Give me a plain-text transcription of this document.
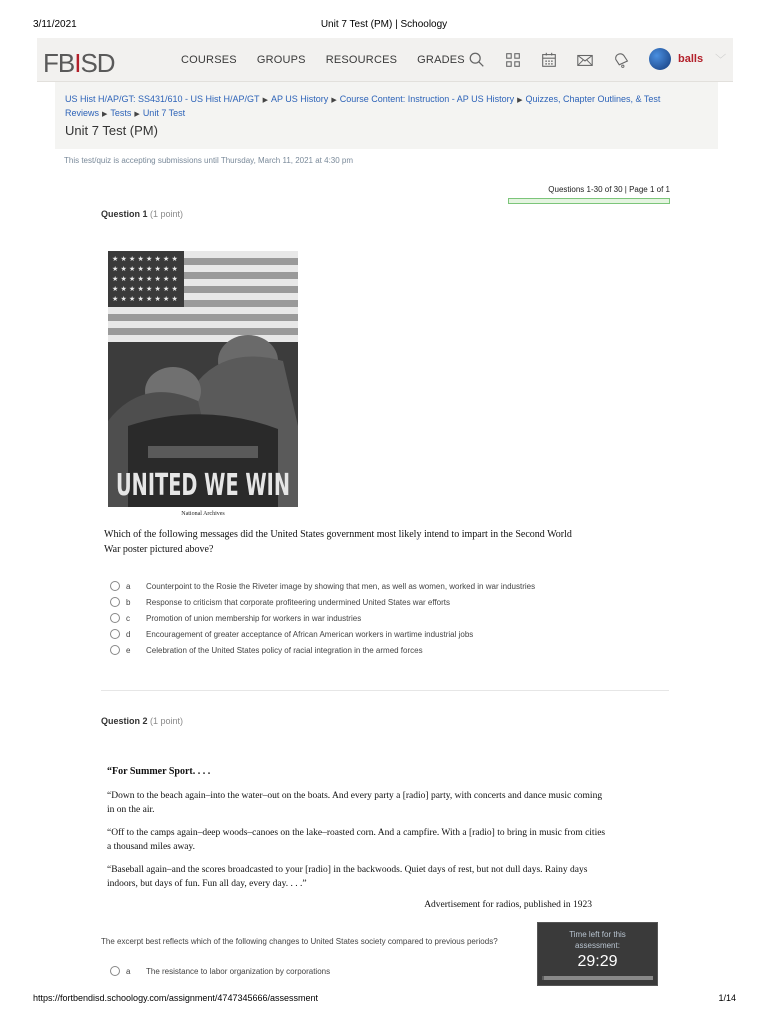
3/11/2021	Unit 7 Test (PM) | Schoology
FBISD	COURSES	GROUPS	RESOURCES	GRADES	balls ﹀
US Hist H/AP/GT: SS431/610 - US Hist H/AP/GT ▶ AP US History ▶ Course Content: Instruction - AP US History ▶ Quizzes, Chapter Outlines, & Test Reviews ▶ Tests ▶ Unit 7 Test
Unit 7 Test (PM)
This test/quiz is accepting submissions until Thursday, March 11, 2021 at 4:30 pm
Questions 1-30 of 30 | Page 1 of 1
Question 1 (1 point)
★ ★ ★ ★ ★ ★ ★ ★
★ ★ ★ ★ ★ ★ ★ ★
★ ★ ★ ★ ★ ★ ★ ★
★ ★ ★ ★ ★ ★ ★ ★
★ ★ ★ ★ ★ ★ ★ ★
UNITED WE WIN
National Archives
Which of the following messages did the United States government most likely intend to impart in the Second World War poster pictured above?
a	Counterpoint to the Rosie the Riveter image by showing that men, as well as women, worked in war industries
b	Response to criticism that corporate profiteering undermined United States war efforts
c	Promotion of union membership for workers in war industries
d	Encouragement of greater acceptance of African American workers in wartime industrial jobs
e	Celebration of the United States policy of racial integration in the armed forces
Question 2 (1 point)
“For Summer Sport. . . .

“Down to the beach again–into the water–out on the boats. And every party a [radio] party, with concerts and dance music coming in on the air.

“Off to the camps again–deep woods–canoes on the lake–roasted corn. And a campfire. With a [radio] to bring in music from cities a thousand miles away.

“Baseball again–and the scores broadcasted to your [radio] in the backwoods. Quiet days of rest, but not dull days. Rainy days indoors, but days of fun. Fun all day, every day. . . .”

Advertisement for radios, published in 1923
The excerpt best reflects which of the following changes to United States society compared to previous periods?
a	The resistance to labor organization by corporations
Time left for this assessment:
29:29
https://fortbendisd.schoology.com/assignment/4747345666/assessment	1/14
